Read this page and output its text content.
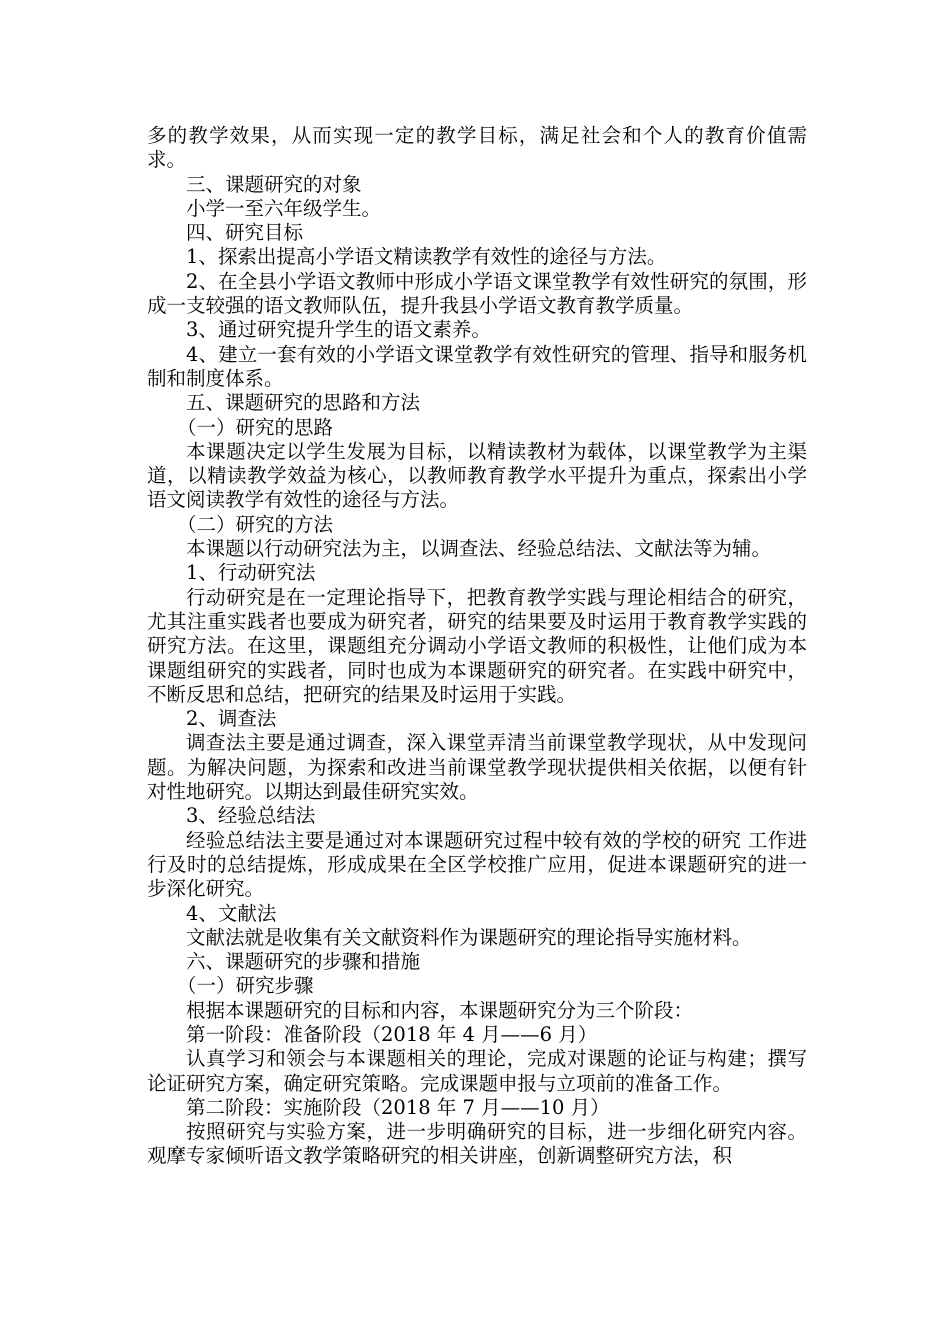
多的教学效果，从而实现一定的教学目标，满足社会和个人的教育价值需求。

三、课题研究的对象

小学一至六年级学生。

四、研究目标

1、探索出提高小学语文精读教学有效性的途径与方法。

2、在全县小学语文教师中形成小学语文课堂教学有效性研究的氛围，形成一支较强的语文教师队伍，提升我县小学语文教育教学质量。

3、通过研究提升学生的语文素养。

4、建立一套有效的小学语文课堂教学有效性研究的管理、指导和服务机制和制度体系。

五、课题研究的思路和方法

（一）研究的思路

本课题决定以学生发展为目标，以精读教材为载体，以课堂教学为主渠道，以精读教学效益为核心，以教师教育教学水平提升为重点，探索出小学语文阅读教学有效性的途径与方法。

（二）研究的方法

本课题以行动研究法为主，以调查法、经验总结法、文献法等为辅。

1、行动研究法

行动研究是在一定理论指导下，把教育教学实践与理论相结合的研究，尤其注重实践者也要成为研究者，研究的结果要及时运用于教育教学实践的研究方法。在这里，课题组充分调动小学语文教师的积极性，让他们成为本课题组研究的实践者，同时也成为本课题研究的研究者。在实践中研究中，不断反思和总结，把研究的结果及时运用于实践。

2、调查法

调查法主要是通过调查，深入课堂弄清当前课堂教学现状，从中发现问题。为解决问题，为探索和改进当前课堂教学现状提供相关依据，以便有针对性地研究。以期达到最佳研究实效。

3、经验总结法

经验总结法主要是通过对本课题研究过程中较有效的学校的研究 工作进行及时的总结提炼，形成成果在全区学校推广应用，促进本课题研究的进一步深化研究。

4、文献法

文献法就是收集有关文献资料作为课题研究的理论指导实施材料。

六、课题研究的步骤和措施

（一）研究步骤

根据本课题研究的目标和内容，本课题研究分为三个阶段：

第一阶段：准备阶段（2018 年 4 月——6 月）

认真学习和领会与本课题相关的理论，完成对课题的论证与构建；撰写论证研究方案，确定研究策略。完成课题申报与立项前的准备工作。

第二阶段：实施阶段（2018 年 7 月——10 月）

按照研究与实验方案，进一步明确研究的目标，进一步细化研究内容。观摩专家倾听语文教学策略研究的相关讲座，创新调整研究方法，积
